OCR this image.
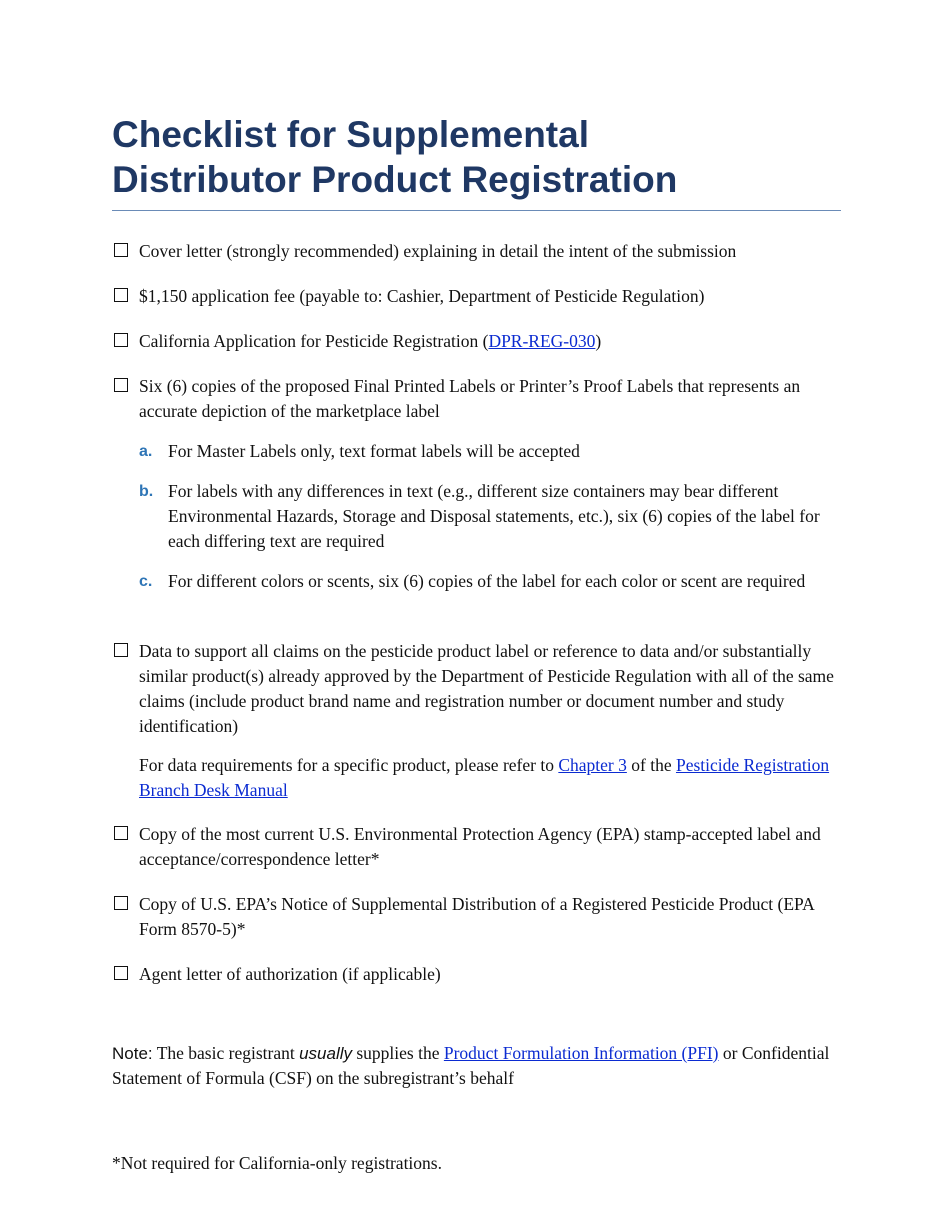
Checklist for Supplemental
Distributor Product Registration
Cover letter (strongly recommended) explaining in detail the intent of the submission
$1,150 application fee (payable to: Cashier, Department of Pesticide Regulation)
California Application for Pesticide Registration (DPR-REG-030)
Six (6) copies of the proposed Final Printed Labels or Printer’s Proof Labels that represents an accurate depiction of the marketplace label
a. For Master Labels only, text format labels will be accepted
b. For labels with any differences in text (e.g., different size containers may bear different Environmental Hazards, Storage and Disposal statements, etc.), six (6) copies of the label for each differing text are required
c. For different colors or scents, six (6) copies of the label for each color or scent are required
Data to support all claims on the pesticide product label or reference to data and/or substantially similar product(s) already approved by the Department of Pesticide Regulation with all of the same claims (include product brand name and registration number or document number and study identification)
For data requirements for a specific product, please refer to Chapter 3 of the Pesticide Registration Branch Desk Manual
Copy of the most current U.S. Environmental Protection Agency (EPA) stamp-accepted label and acceptance/correspondence letter*
Copy of U.S. EPA’s Notice of Supplemental Distribution of a Registered Pesticide Product (EPA Form 8570-5)*
Agent letter of authorization (if applicable)
Note: The basic registrant usually supplies the Product Formulation Information (PFI) or Confidential Statement of Formula (CSF) on the subregistrant’s behalf
*Not required for California-only registrations.
